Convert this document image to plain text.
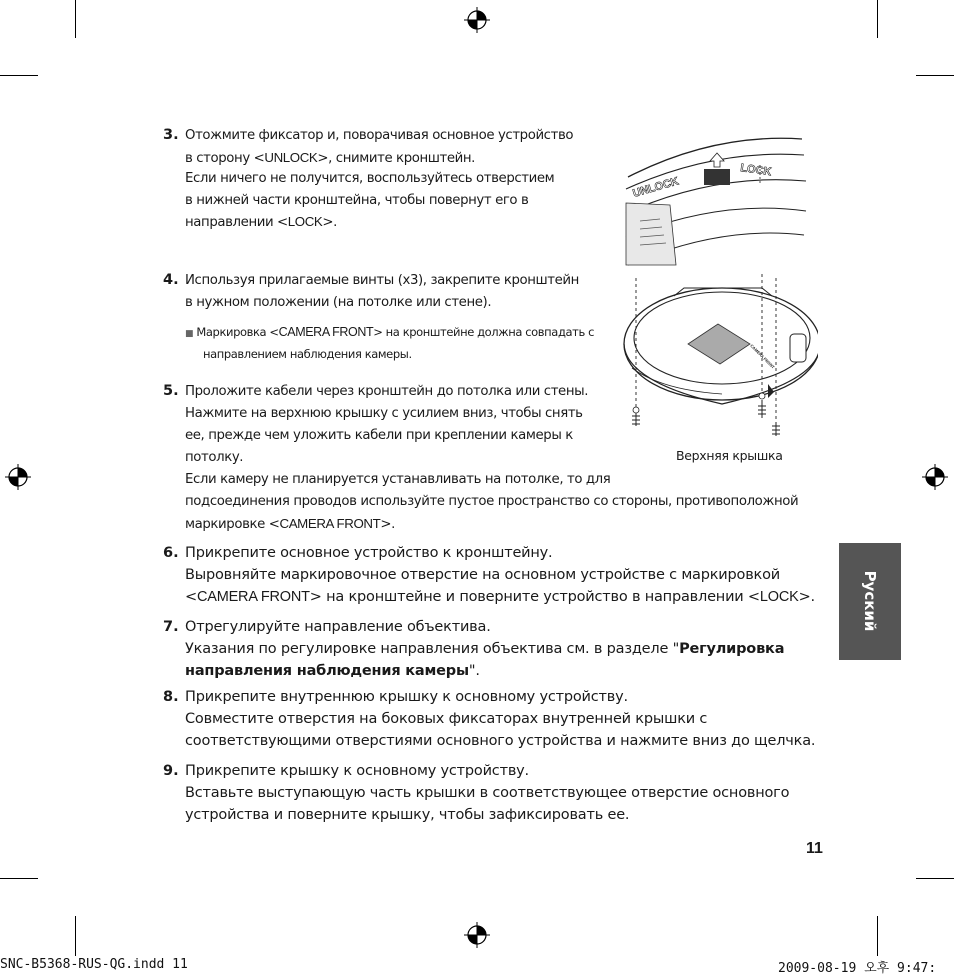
3. Отожмите фиксатор и, поворачивая основное устройство
в сторону <UNLOCK>, снимите кронштейн.
Если ничего не получится, воспользуйтесь отверстием
в нижней части кронштейна, чтобы повернут его в
направлении <LOCK>.
4. Используя прилагаемые винты (x3), закрепите кронштейн
в нужном положении (на потолке или стене).
■ Маркировка <CAMERA FRONT> на кронштейне должна совпадать с
направлением наблюдения камеры.
5. Проложите кабели через кронштейн до потолка или стены.
Нажмите на верхнюю крышку с усилием вниз, чтобы снять
ее, прежде чем уложить кабели при креплении камеры к
потолку.
Если камеру не планируется устанавливать на потолке, то для
подсоединения проводов используйте пустое пространство со стороны, противоположной
маркировке <CAMERA FRONT>.
6. Прикрепите основное устройство к кронштейну.
Выровняйте маркировочное отверстие на основном устройстве с маркировкой
<CAMERA FRONT> на кронштейне и поверните устройство в направлении <LOCK>.
7. Отрегулируйте направление объектива.
Указания по регулировке направления объектива см. в разделе "Регулировка
направления наблюдения камеры".
8. Прикрепите внутреннюю крышку к основному устройству.
Совместите отверстия на боковых фиксаторах внутренней крышки с
соответствующими отверстиями основного устройства и нажмите вниз до щелчка.
9. Прикрепите крышку к основному устройству.
Вставьте выступающую часть крышки в соответствующее отверстие основного
устройства и поверните крышку, чтобы зафиксировать ее.
UNLOCK
LOCK
CAMERA FRONT
Верхняя крышка
Руский
11
SNC-B5368-RUS-QG.indd 11	2009-08-19 오후 9:47:
